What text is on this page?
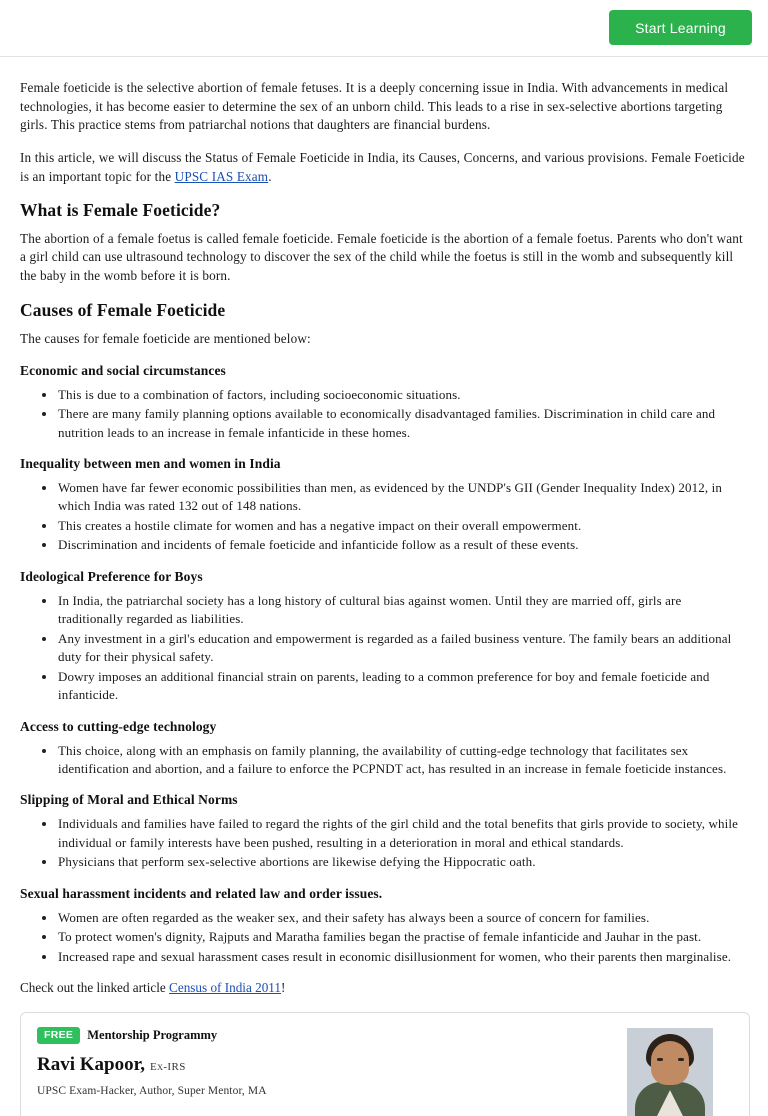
Start Learning

Female foeticide is the selective abortion of female fetuses. It is a deeply concerning issue in India. With advancements in medical technologies, it has become easier to determine the sex of an unborn child. This leads to a rise in sex-selective abortions targeting girls. This practice stems from patriarchal notions that daughters are financial burdens.

In this article, we will discuss the Status of Female Foeticide in India, its Causes, Concerns, and various provisions. Female Foeticide is an important topic for the UPSC IAS Exam.

What is Female Foeticide?

The abortion of a female foetus is called female foeticide. Female foeticide is the abortion of a female foetus. Parents who don't want a girl child can use ultrasound technology to discover the sex of the child while the foetus is still in the womb and subsequently kill the baby in the womb before it is born.

Causes of Female Foeticide

The causes for female foeticide are mentioned below:

Economic and social circumstances
This is due to a combination of factors, including socioeconomic situations.
There are many family planning options available to economically disadvantaged families. Discrimination in child care and nutrition leads to an increase in female infanticide in these homes.
Inequality between men and women in India
Women have far fewer economic possibilities than men, as evidenced by the UNDP's GII (Gender Inequality Index) 2012, in which India was rated 132 out of 148 nations.
This creates a hostile climate for women and has a negative impact on their overall empowerment.
Discrimination and incidents of female foeticide and infanticide follow as a result of these events.
Ideological Preference for Boys
In India, the patriarchal society has a long history of cultural bias against women. Until they are married off, girls are traditionally regarded as liabilities.
Any investment in a girl's education and empowerment is regarded as a failed business venture. The family bears an additional duty for their physical safety.
Dowry imposes an additional financial strain on parents, leading to a common preference for boy and female foeticide and infanticide.
Access to cutting-edge technology
This choice, along with an emphasis on family planning, the availability of cutting-edge technology that facilitates sex identification and abortion, and a failure to enforce the PCPNDT act, has resulted in an increase in female foeticide instances.
Slipping of Moral and Ethical Norms
Individuals and families have failed to regard the rights of the girl child and the total benefits that girls provide to society, while individual or family interests have been pushed, resulting in a deterioration in moral and ethical standards.
Physicians that perform sex-selective abortions are likewise defying the Hippocratic oath.
Sexual harassment incidents and related law and order issues.
Women are often regarded as the weaker sex, and their safety has always been a source of concern for families.
To protect women's dignity, Rajputs and Maratha families began the practise of female infanticide and Jauhar in the past.
Increased rape and sexual harassment cases result in economic disillusionment for women, who their parents then marginalise.

Check out the linked article Census of India 2011!

FREE	Mentorship Programmy
Ravi Kapoor, Ex-IRS
UPSC Exam-Hacker, Author, Super Mentor, MA
